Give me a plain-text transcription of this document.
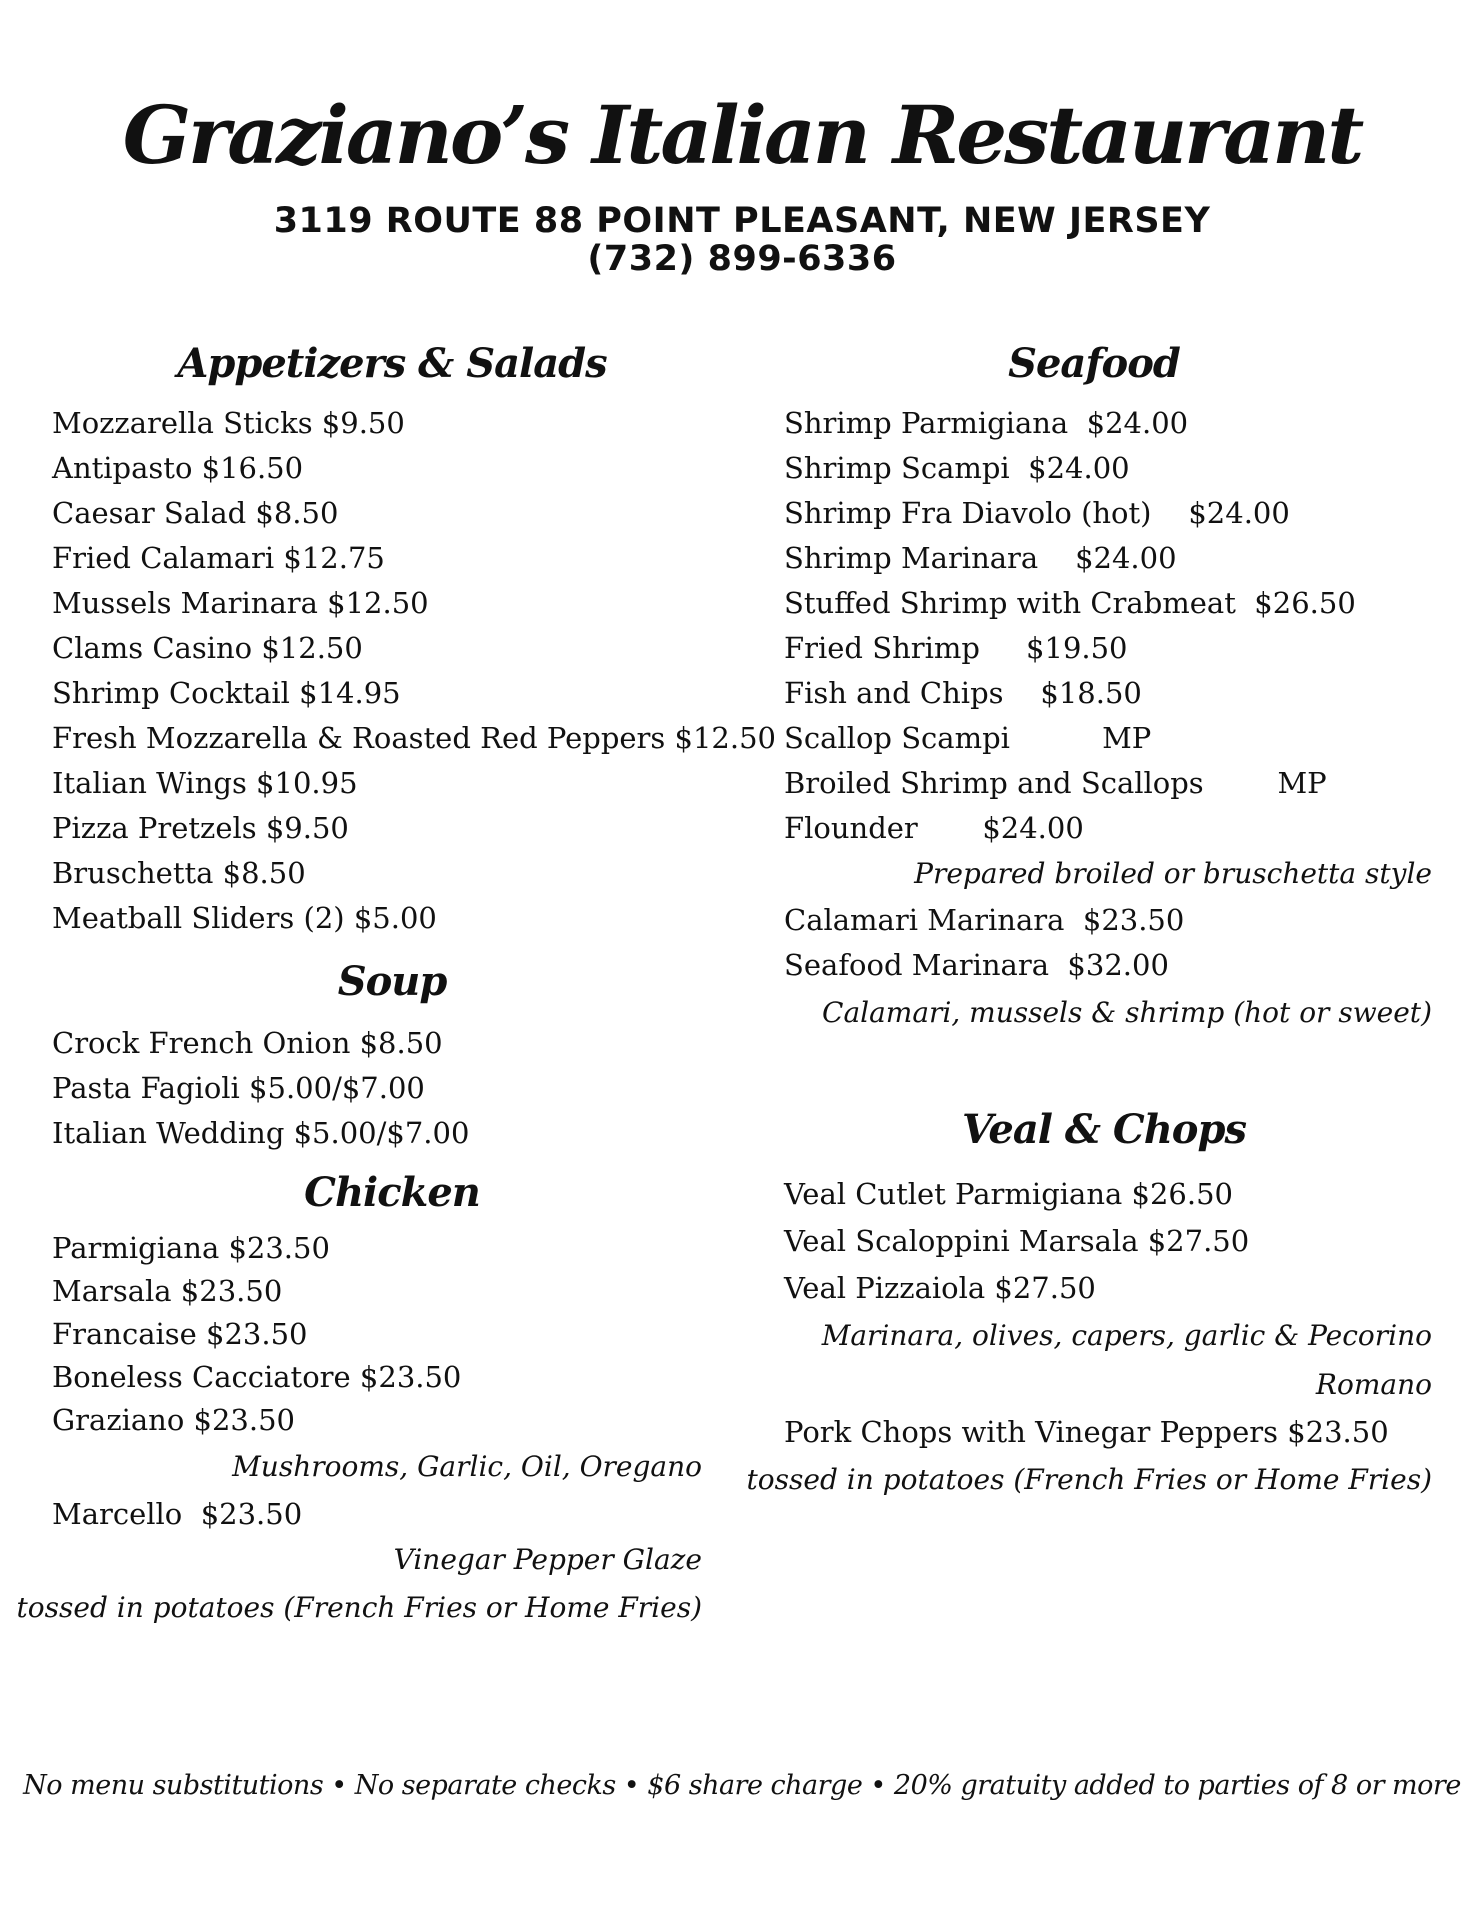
Graziano’s Italian Restaurant
3119 ROUTE 88 POINT PLEASANT, NEW JERSEY
(732) 899-6336
Appetizers & Salads
Mozzarella Sticks $9.50
Antipasto $16.50
Caesar Salad $8.50
Fried Calamari $12.75
Mussels Marinara $12.50
Clams Casino $12.50
Shrimp Cocktail $14.95
Fresh Mozzarella & Roasted Red Peppers $12.50
Italian Wings $10.95
Pizza Pretzels $9.50
Bruschetta $8.50
Meatball Sliders (2) $5.00
Soup
Crock French Onion $8.50
Pasta Fagioli $5.00/$7.00
Italian Wedding $5.00/$7.00
Chicken
Parmigiana $23.50
Marsala $23.50
Francaise $23.50
Boneless Cacciatore $23.50
Graziano $23.50
Mushrooms, Garlic, Oil, Oregano
Marcello  $23.50
Vinegar Pepper Glaze
tossed in potatoes (French Fries or Home Fries)
Seafood
Shrimp Parmigiana  $24.00
Shrimp Scampi  $24.00
Shrimp Fra Diavolo (hot)    $24.00
Shrimp Marinara    $24.00
Stuffed Shrimp with Crabmeat  $26.50
Fried Shrimp     $19.50
Fish and Chips    $18.50
Scallop Scampi          MP
Broiled Shrimp and Scallops        MP
Flounder       $24.00
Prepared broiled or bruschetta style
Calamari Marinara  $23.50
Seafood Marinara  $32.00
Calamari, mussels & shrimp (hot or sweet)
Veal & Chops
Veal Cutlet Parmigiana $26.50
Veal Scaloppini Marsala $27.50
Veal Pizzaiola $27.50
Marinara, olives, capers, garlic & Pecorino
Romano
Pork Chops with Vinegar Peppers $23.50
tossed in potatoes (French Fries or Home Fries)
No menu substitutions • No separate checks • $6 share charge • 20% gratuity added to parties of 8 or more
